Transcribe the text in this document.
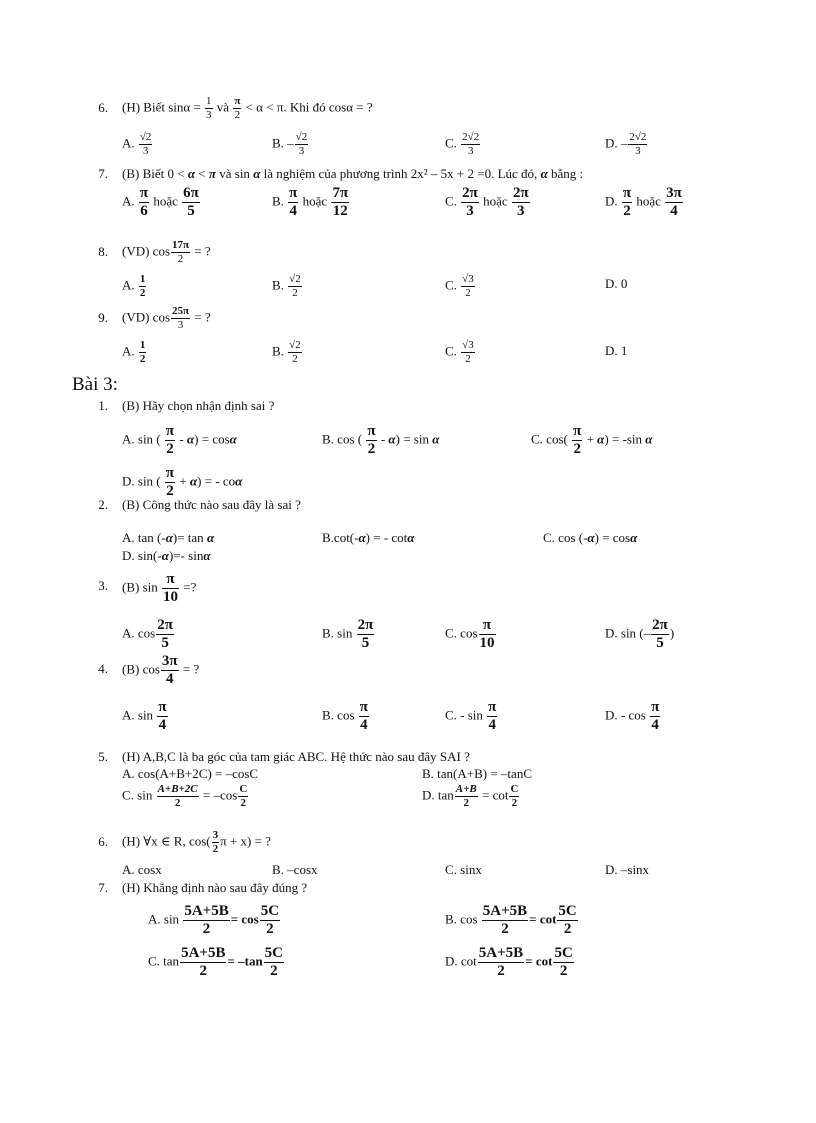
6. (H) Biết $\sin\alpha = \frac{1}{3}$ và $\frac{\pi}{2} < \alpha < \pi$. Khi đó cosα = ?
A. $\frac{√2}{3}$	B. – $\frac{√2}{3}$	C. $\frac{2√2}{3}$	D. – $\frac{2√2}{3}$
7. (B) Biết 0 < α < π và sin α là nghiệm của phương trình 2x² – 5x + 2 =0. Lúc đó, α bằng :
A. $\frac{\pi}{6}$ hoặc $\frac{6\pi}{5}$	B. $\frac{\pi}{4}$ hoặc $\frac{7\pi}{12}$	C. $\frac{2\pi}{3}$ hoặc $\frac{2\pi}{3}$	D. $\frac{\pi}{2}$ hoặc $\frac{3\pi}{4}$
8. (VD) $\cos \frac{17\pi}{2}$ = ?
A. $\frac{1}{2}$	B. $\frac{√2}{2}$	C. $\frac{√3}{2}$	D. 0
9. (VD) $\cos \frac{25\pi}{3}$ = ?
A. $\frac{1}{2}$	B. $\frac{√2}{2}$	C. $\frac{√3}{2}$	D. 1
Bài 3:
1. (B) Hãy chọn nhận định sai ?
A. sin ( $\frac{\pi}{2} - \alpha) = \cos\alpha$	B. cos ( $\frac{\pi}{2} - \alpha) = \sin \alpha$	C. $\cos( \frac{\pi}{2} + \alpha) = -\sin$ α
D. sin ( $\frac{\pi}{2} + \alpha$) = - coα
2. (B) Công thức nào sau đây là sai ?
A. tan (-α)= tan α	B.cot(-α) = - cotα	C. cos (-α) = cosα
D. sin(-α)=- sinα
3. (B) $\sin \frac{\pi}{10}$ =?
A. $\cos \frac{2\pi}{5}$	B. $\sin \frac{2\pi}{5}$	C. $\cos \frac{\pi}{10}$	D. sin (– $\frac{2\pi}{5}$ )
4. (B) $\cos \frac{3\pi}{4}$ = ?
A. $\sin \frac{\pi}{4}$	B. $\cos \frac{\pi}{4}$	C. - $\sin \frac{\pi}{4}$	D. - $\cos \frac{\pi}{4}$
5. (H) A,B,C là ba góc của tam giác ABC. Hệ thức nào sau đây SAI ?
A. cos(A+B+2C) = –cosC	B. tan(A+B) = –tanC
C. $\sin \frac{A+B+2C}{2} = -\cos \frac{C}{2}$	D. $\tan \frac{A+B}{2} = \cot \frac{C}{2}$
6. (H) ∀x ∈ R, $\cos( \frac{3}{2}$ π + x) = ?
A. cosx	B. –cosx	C. sinx	D. –sinx
7. (H) Khẳng định nào sau đây đúng ?
A. $\sin \frac{5A+5B}{2} = \cos \frac{5C}{2}$	B. $\cos \frac{5A+5B}{2} = \cot \frac{5C}{2}$
C. $\tan \frac{5A+5B}{2} = -\tan \frac{5C}{2}$	D. $\cot \frac{5A+5B}{2} = \cot \frac{5C}{2}$
